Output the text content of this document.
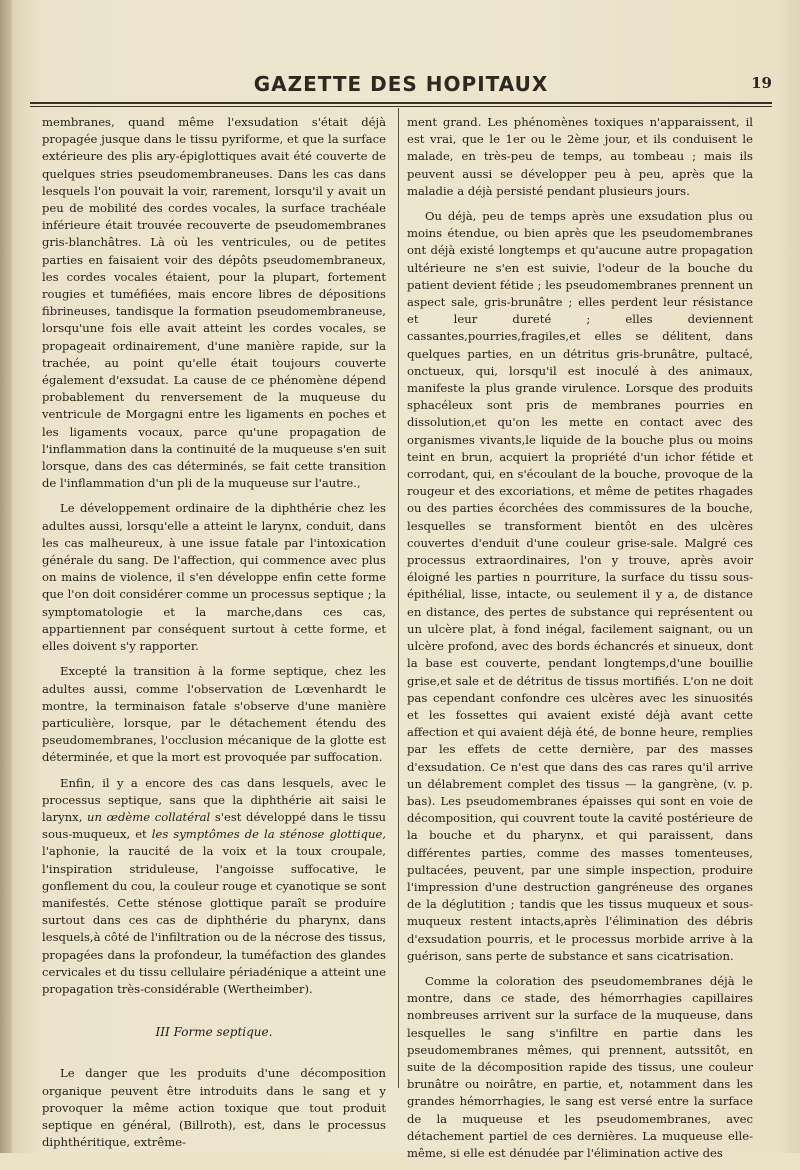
GAZETTE DES HOPITAUX	19

membranes, quand même l'exsudation s'était déjà propagée jusque dans le tissu pyriforme, et que la surface extérieure des plis ary-épiglottiques avait été couverte de quelques stries pseudomembraneuses. Dans les cas dans lesquels l'on pouvait la voir, rarement, lorsqu'il y avait un peu de mobilité des cordes vocales, la surface trachéale inférieure était trouvée recouverte de pseudomembranes gris-blanchâtres. Là où les ventricules, ou de petites parties en faisaient voir des dépôts pseudomembraneux, les cordes vocales étaient, pour la plupart, fortement rougies et tuméfiées, mais encore libres de dépositions fibrineuses, tandisque la formation pseudomembraneuse, lorsqu'une fois elle avait atteint les cordes vocales, se propageait ordinairement, d'une manière rapide, sur la trachée, au point qu'elle était toujours couverte également d'exsudat. La cause de ce phénomène dépend probablement du renversement de la muqueuse du ventricule de Morgagni entre les ligaments en poches et les ligaments vocaux, parce qu'une propagation de l'inflammation dans la continuité de la muqueuse s'en suit lorsque, dans des cas déterminés, se fait cette transition de l'inflammation d'un pli de la muqueuse sur l'autre.,

Le développement ordinaire de la diphthérie chez les adultes aussi, lorsqu'elle a atteint le larynx, conduit, dans les cas malheureux, à une issue fatale par l'intoxication générale du sang. De l'affection, qui commence avec plus on mains de violence, il s'en développe enfin cette forme que l'on doit considérer comme un processus septique ; la symptomatologie et la marche,dans ces cas, appartiennent par conséquent surtout à cette forme, et elles doivent s'y rapporter.

Excepté la transition à la forme septique, chez les adultes aussi, comme l'observation de Lœvenhardt le montre, la terminaison fatale s'observe d'une manière particulière, lorsque, par le détachement étendu des pseudomembranes, l'occlusion mécanique de la glotte est déterminée, et que la mort est provoquée par suffocation.

Enfin, il y a encore des cas dans lesquels, avec le processus septique, sans que la diphthérie ait saisi le larynx, un œdème collatéral s'est développé dans le tissu sous-muqueux, et les symptômes de la sténose glottique, l'aphonie, la raucité de la voix et la toux croupale, l'inspiration striduleuse, l'angoisse suffocative, le gonflement du cou, la couleur rouge et cyanotique se sont manifestés. Cette sténose glottique paraît se produire surtout dans ces cas de diphthérie du pharynx, dans lesquels,à côté de l'infiltration ou de la nécrose des tissus, propagées dans la profondeur, la tuméfaction des glandes cervicales et du tissu cellulaire périadénique a atteint une propagation très-considérable (Wertheimber).

III Forme septique.

Le danger que les produits d'une décomposition organique peuvent être introduits dans le sang et y provoquer la même action toxique que tout produit septique en général, (Billroth), est, dans le processus diphthéritique, extrême-

ment grand. Les phénomènes toxiques n'apparaissent, il est vrai, que le 1er ou le 2ème jour, et ils conduisent le malade, en très-peu de temps, au tombeau ; mais ils peuvent aussi se développer peu à peu, après que la maladie a déjà persisté pendant plusieurs jours.

Ou déjà, peu de temps après une exsudation plus ou moins étendue, ou bien après que les pseudomembranes ont déjà existé longtemps et qu'aucune autre propagation ultérieure ne s'en est suivie, l'odeur de la bouche du patient devient fétide ; les pseudomembranes prennent un aspect sale, gris-brunâtre ; elles perdent leur résistance et leur dureté ; elles deviennent cassantes,pourries,fragiles,et elles se délitent, dans quelques parties, en un détritus gris-brunâtre, pultacé, onctueux, qui, lorsqu'il est inoculé à des animaux, manifeste la plus grande virulence. Lorsque des produits sphacéleux sont pris de membranes pourries en dissolution,et qu'on les mette en contact avec des organismes vivants,le liquide de la bouche plus ou moins teint en brun, acquiert la propriété d'un ichor fétide et corrodant, qui, en s'écoulant de la bouche, provoque de la rougeur et des excoriations, et même de petites rhagades ou des parties écorchées des commissures de la bouche, lesquelles se transforment bientôt en des ulcères couvertes d'enduit d'une couleur grise-sale. Malgré ces processus extraordinaires, l'on y trouve, après avoir éloigné les parties n pourriture, la surface du tissu sous-épithélial, lisse, intacte, ou seulement il y a, de distance en distance, des pertes de substance qui représentent ou un ulcère plat, à fond inégal, facilement saignant, ou un ulcère profond, avec des bords échancrés et sinueux, dont la base est couverte, pendant longtemps,d'une bouillie grise,et sale et de détritus de tissus mortifiés. L'on ne doit pas cependant confondre ces ulcères avec les sinuosités et les fossettes qui avaient existé déjà avant cette affection et qui avaient déjà été, de bonne heure, remplies par les effets de cette dernière, par des masses d'exsudation. Ce n'est que dans des cas rares qu'il arrive un délabrement complet des tissus — la gangrène, (v. p. bas). Les pseudomembranes épaisses qui sont en voie de décomposition, qui couvrent toute la cavité postérieure de la bouche et du pharynx, et qui paraissent, dans différentes parties, comme des masses tomenteuses, pultacées, peuvent, par une simple inspection, produire l'impression d'une destruction gangréneuse des organes de la déglutition ; tandis que les tissus muqueux et sous-muqueux restent intacts,après l'élimination des débris d'exsudation pourris, et le processus morbide arrive à la guérison, sans perte de substance et sans cicatrisation.

Comme la coloration des pseudomembranes déjà le montre, dans ce stade, des hémorrhagies capillaires nombreuses arrivent sur la surface de la muqueuse, dans lesquelles le sang s'infiltre en partie dans les pseudomembranes mêmes, qui prennent, autssitôt, en suite de la décomposition rapide des tissus, une couleur brunâtre ou noirâtre, en partie, et, notamment dans les grandes hémorrhagies, le sang est versé entre la surface de la muqueuse et les pseudomembranes, avec détachement partiel de ces dernières. La muqueuse elle-même, si elle est dénudée par l'élimination active des
